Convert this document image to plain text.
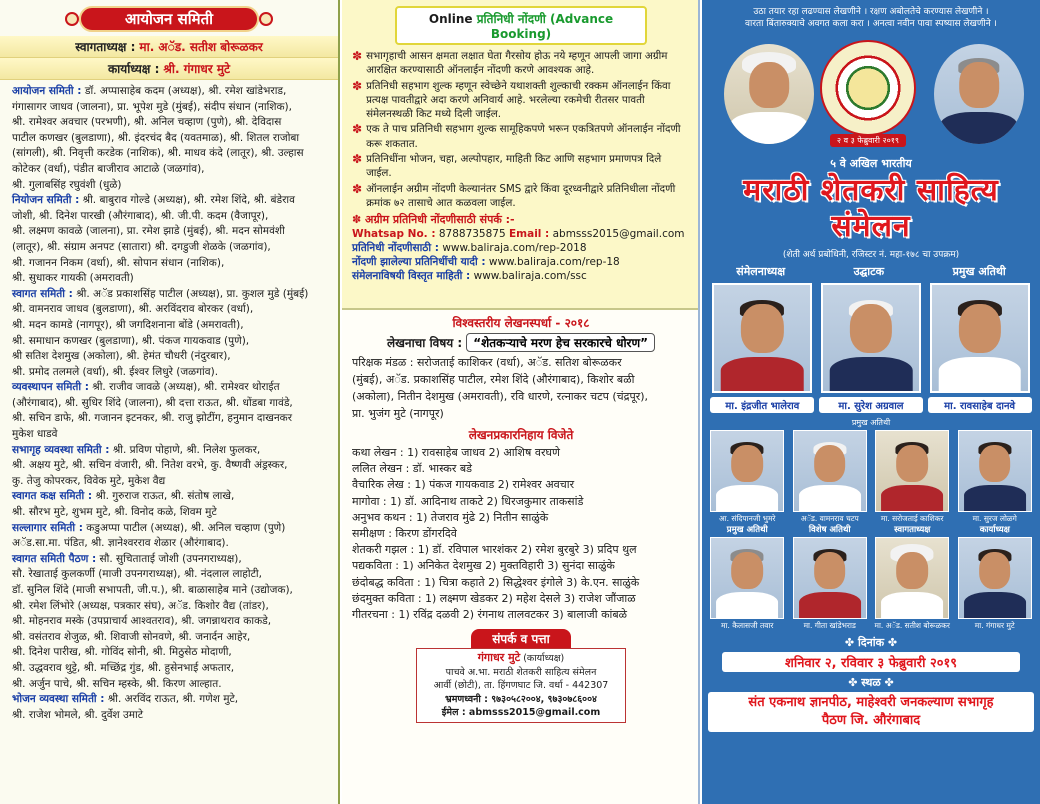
आयोजन समिती
स्वागताध्यक्ष : मा. अॅड. सतीश बोरूळकर
कार्याध्यक्ष : श्री. गंगाधर मुटे

आयोजन समिती : डॉ. अप्पासाहेब कदम (अध्यक्ष), श्री. रमेश खांडेभराड,

गंगासागर जाधव (जालना), प्रा. भूपेश मुडे (मुंबई), संदीप संधान (नाशिक),

श्री. रामेश्वर अवचार (परभणी), श्री. अनिल चव्हाण (पुणे), श्री. देविदास

पाटील कणखर (बुलडाणा), श्री. इंदरचंद बैद (यवतमाळ), श्री. शितल राजोबा

(सांगली), श्री. निवृत्ती करडेक (नाशिक), श्री. माधव कंदे (लातूर), श्री. उल्हास

कोटेकर (वर्धा), पंडीत बाजीराव आटाळे (जळगांव),

श्री. गुलाबसिंह रघुवंशी (धुळे)

नियोजन समिती : श्री. बाबुराव गोल्डे (अध्यक्ष), श्री. रमेश शिंदे, श्री. बंडेराव

जोशी, श्री. दिनेश पारखी (औरंगाबाद), श्री. जी.पी. कदम (वैजापूर),

श्री. लक्ष्मण कावळे (जालना), प्रा. रमेश झाडे (मुंबई), श्री. मदन सोमवंशी

(लातूर), श्री. संग्राम अनपट (सातारा) श्री. दगडुजी शेळके (जळगांव),

श्री. गजानन निकम (वर्धा), श्री. सोपान संधान (नाशिक),

श्री. सुधाकर गायकी (अमरावती)

स्वागत समिती : श्री. अॅड प्रकाशसिंह पाटील (अध्यक्ष), प्रा. कुशल मुडे (मुंबई)

श्री. वामनराव जाधव (बुलडाणा), श्री. अरविंदराव बोरकर (वर्धा),

श्री. मदन कामडे (नागपूर), श्री जगदिशनाना बोंडे (अमरावती),

श्री. समाधान कणखर (बुलडाणा), श्री. पंकज गायकवाड (पुणे),

श्री सतिश देशमुख (अकोला), श्री. हेमंत चौधरी (नंदुरबार),

श्री. प्रमोद तलमले (वर्धा), श्री. ईश्वर लिधुरे (जळगांव).

व्यवस्थापन समिती : श्री. राजीव जावळे (अध्यक्ष), श्री. रामेश्वर थोराईत

(औरंगाबाद), श्री. सुधिर शिंदे (जालना), श्री दत्ता राऊत, श्री. धोंडबा गावंडे,

श्री. सचिन डाफे, श्री. गजानन इटनकर, श्री. राजु झोटींग, हनुमान दाखनकर

मुकेश धाडवे

सभागृह व्यवस्था समिती : श्री. प्रविण पोहाणे, श्री. निलेश फुलकर,

श्री. अक्षय मुटे, श्री. सचिन वंजारी, श्री. नितेश वरभे, कु. वैष्णवी अंड्रस्कर,

कु. तेजु कोपरकर, विवेक मुटे, मुकेश वैद्य

स्वागत कक्ष समिती : श्री. गुरुराज राऊत, श्री. संतोष लाखे,

श्री. सौरभ मुटे, शुभम मुटे, श्री. विनोद कळे, शिवम मुटे

सल्लागार समिती : कडुअप्पा पाटील (अध्यक्ष), श्री. अनिल चव्हाण (पुणे)

अॅड.सा.मा. पंडित, श्री. ज्ञानेश्वरराव शेळार (औरंगाबाद).

स्वागत समिती पैठण : सौ. सुचिताताई जोशी (उपनगराध्यक्ष),

सौ. रेखाताई कुलकर्णी (माजी उपनगराध्यक्ष), श्री. नंदलाल लाहोटी,

डॉ. सुनिल शिंदे (माजी सभापती, जी.प.), श्री. बाळासाहेब माने (उद्योजक),

श्री. रमेश लिंभोरे (अध्यक्ष, पत्रकार संघ), अॅड. किशोर वैद्य (तांडर),

श्री. मोहनराव मस्के (उपप्राचार्य आश्वतराव), श्री. जगन्नाथराव काकडे,

श्री. वसंतराव शेजुळ, श्री. शिवाजी सोनवणे, श्री. जनार्दन आहेर,

श्री. दिनेश पारीख, श्री. गोविंद सोनी, श्री. मिठुसेठ मोदाणी,

श्री. उद्धवराव थुट्टे, श्री. मच्छिंद्र गुंड, श्री. हुसेनभाई अफतार,

श्री. अर्जुन पाचे, श्री. सचिन म्हस्के, श्री. किरण आल्हात.

भोजन व्यवस्था समिती : श्री. अरविंद राऊत, श्री. गणेश मुटे,

श्री. राजेश भोमले, श्री. दुर्वेश उमाटे

Online प्रतिनिधी नोंदणी (Advance Booking)
✽ सभागृहाची आसन क्षमता लक्षात घेता गैरसोय होऊ नये म्हणून आपली जागा अग्रीम आरक्षित करण्यासाठी ऑनलाईन नोंदणी करणे आवश्यक आहे.
✽ प्रतिनिधी सहभाग शुल्क म्हणून स्वेच्छेने यथाशक्ती शुल्काची रक्कम ऑनलाईन किंवा प्रत्यक्ष पावतीद्वारे अदा करणे अनिवार्य आहे. भरलेल्या रकमेची रीतसर पावती संमेलनस्थळी किट मध्ये दिली जाईल.
✽ एक ते पाच प्रतिनिधी सहभाग शुल्क सामूहिकपणे भरून एकत्रितपणे ऑनलाईन नोंदणी करू शकतात.
✽ प्रतिनिधींना भोजन, चहा, अल्पोपहार, माहिती किट आणि सहभाग प्रमाणपत्र दिले जाईल.
✽ ऑनलाईन अग्रीम नोंदणी केल्यानंतर SMS द्वारे किंवा दूरध्वनीद्वारे प्रतिनिधीला नोंदणी क्रमांक ७२ तासाचे आत कळवला जाईल.
✽ अग्रीम प्रतिनिधी नोंदणीसाठी संपर्क :-
Whatsap No. : 8788735875 Email : abmsss2015@gmail.com
प्रतिनिधी नोंदणीसाठी : www.baliraja.com/rep-2018
नोंदणी झालेल्या प्रतिनिधींची यादी : www.baliraja.com/rep-18
संमेलनाविषयी विस्तृत माहिती : www.baliraja.com/ssc
विश्वस्तरीय लेखनस्पर्धा - २०१८
लेखनाचा विषय : “शेतकऱ्याचे मरण हेच सरकारचे धोरण”
परिक्षक मंडळ : सरोजताई काशिकर (वर्धा), अॅड. सतिश बोरूळकर
(मुंबई), अॅड. प्रकाशसिंह पाटील, रमेश शिंदे (औरंगाबाद), किशोर बळी
(अकोला), नितीन देशमुख (अमरावती), रवि धारणे, रत्नाकर चटप (चंद्रपूर),
प्रा. भुजंग मुटे (नागपूर)
लेखनप्रकारनिहाय विजेते
कथा लेखन : 1) रावसाहेब जाधव 2) आशिष वरघणे
ललित लेखन : डॉ. भास्कर बडे
वैचारिक लेख : 1) पंकज गायकवाड 2) रामेश्वर अवचार
मागोवा : 1) डॉ. आदिनाथ ताकटे 2) धिरजकुमार ताकसांडे
अनुभव कथन : 1) तेजराव मुंढे 2) नितीन साळुंके
समीक्षण : किरण डोंगरदिवे
शेतकरी गझल : 1) डॉ. रविपाल भारशंकर 2) रमेश बुरबुरे 3) प्रदिप थुल
पद्यकविता : 1) अनिकेत देशमुख 2) मुक्तविहारी 3) सुनंदा साळुंके
छंदोबद्ध कविता : 1) चित्रा कहाते 2) सिद्धेश्वर इंगोले 3) के.एन. साळुंके
छंदमुक्त कविता : 1) लक्ष्मण खेडकर 2) महेश देसले 3) राजेश जौंजाळ
गीतरचना : 1) रविंद्र दळवी 2) रंगनाथ तालवटकर 3) बालाजी कांबळे
संपर्क व पत्ता
गंगाधर मुटे (कार्याध्यक्ष)
पाचवे अ.भा. मराठी शेतकरी साहित्य संमेलन
आर्वी (छोटी), ता. हिंगणघाट जि. वर्धा - 442307
भ्रमणध्वनी : ९७३०५८२००४, ९७३०७८६००४
ईमेल : abmsss2015@gmail.com
उठा तयार रहा लढण्यास लेखणीने । रक्षण अबोलतेचे करण्यास लेखणीने ।
वारता बिंतारुक्याचे अवगत कला करा । अनत्वा नवीन पावा स्पष्यास लेखणीने ।
२ व ३ फेब्रुवारी २०१९
५ वे अखिल भारतीय
मराठी शेतकरी साहित्य संमेलन
(शेती अर्थ प्रबोधिनी, रजिस्टर नं. महा-१७८ चा उपक्रम)
संमेलनाध्यक्ष	उद्घाटक	प्रमुख अतिथी
मा. इंद्रजीत भालेराव	मा. सुरेश अग्रवाल	मा. रावसाहेब दानवे
प्रमुख अतिथी
आ. संदिपानजी भुमरे
प्रमुख अतिथी
अॅड. वामनराव चटप
विशेष अतिथी
मा. सरोजताई काशिकर
स्वागताध्यक्ष
मा. सुरज लोळगे
कार्याध्यक्ष
मा. कैलासजी तवार	मा. गीता खांडेभराड	मा. अॅड. सतीश बोरूळकर	मा. गंगाधर मुटे
✤ दिनांक ✤
शनिवार २, रविवार ३ फेब्रुवारी २०१९
✤ स्थळ ✤
संत एकनाथ ज्ञानपीठ, माहेश्वरी जनकल्याण सभागृह
पैठण जि. औरंगाबाद
